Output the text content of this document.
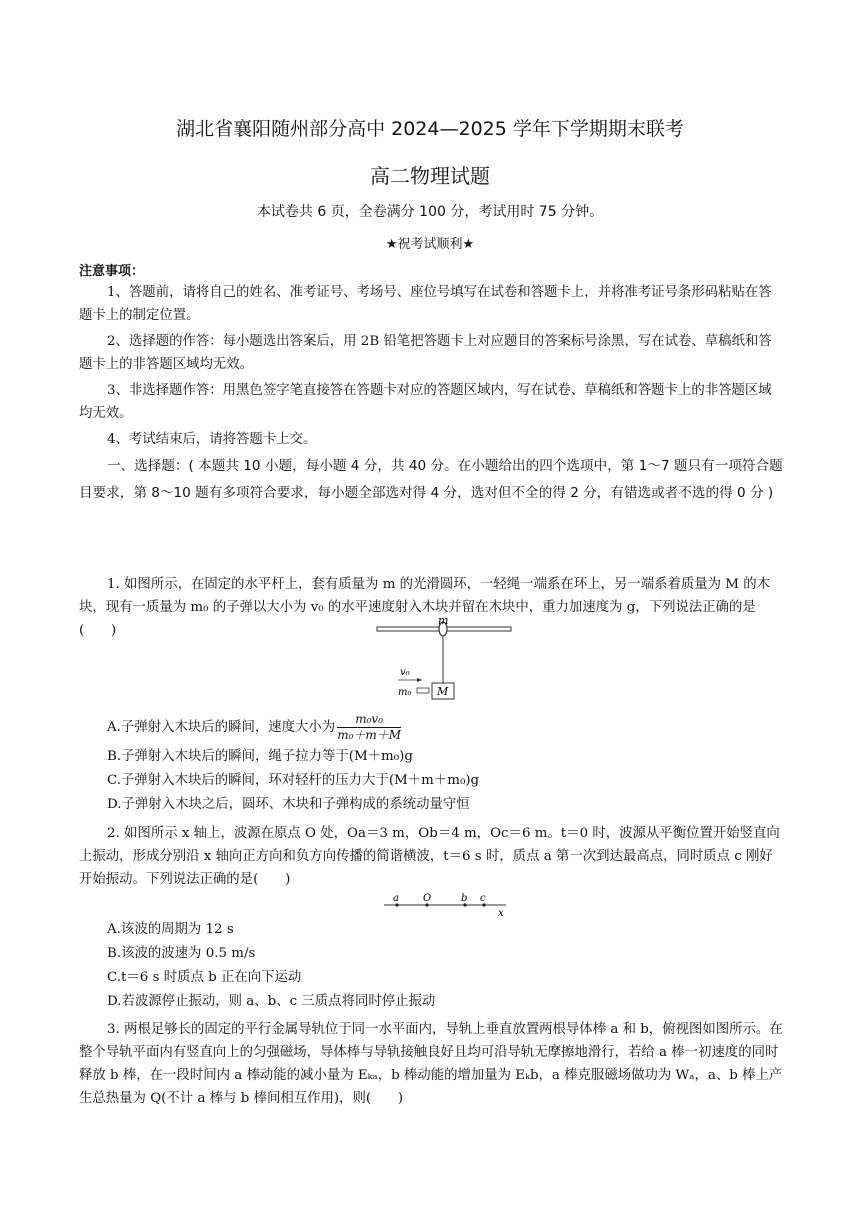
湖北省襄阳随州部分高中 2024—2025 学年下学期期末联考
高二物理试题
本试卷共 6 页，全卷满分 100 分，考试用时 75 分钟。
★祝考试顺利★
注意事项：
1、答题前，请将自己的姓名、准考证号、考场号、座位号填写在试卷和答题卡上，并将准考证号条形码粘贴在答题卡上的制定位置。
2、选择题的作答：每小题选出答案后，用 2B 铅笔把答题卡上对应题目的答案标号涂黑，写在试卷、草稿纸和答题卡上的非答题区域均无效。
3、非选择题作答：用黑色签字笔直接答在答题卡对应的答题区域内，写在试卷、草稿纸和答题卡上的非答题区域均无效。
4、考试结束后，请将答题卡上交。
一、选择题：( 本题共 10 小题，每小题 4 分，共 40 分。在小题给出的四个选项中，第 1～7 题只有一项符合题目要求，第 8～10 题有多项符合要求，每小题全部选对得 4 分，选对但不全的得 2 分，有错选或者不选的得 0 分 )
1. 如图所示，在固定的水平杆上，套有质量为 m 的光滑圆环，一轻绳一端系在环上，另一端系着质量为 M 的木块，现有一质量为 m₀ 的子弹以大小为 v₀ 的水平速度射入木块并留在木块中，重力加速度为 g，下列说法正确的是(　　)
m
v₀
m₀ M
A.子弹射入木块后的瞬间，速度大小为 $\frac{\text{m₀v₀}}{\text{m₀＋m＋M}}$
B.子弹射入木块后的瞬间，绳子拉力等于(M＋m₀)g
C.子弹射入木块后的瞬间，环对轻杆的压力大于(M＋m＋m₀)g
D.子弹射入木块之后，圆环、木块和子弹构成的系统动量守恒
2. 如图所示 x 轴上，波源在原点 O 处，Oa＝3 m，Ob＝4 m，Oc＝6 m。t＝0 时，波源从平衡位置开始竖直向上振动，形成分别沿 x 轴向正方向和负方向传播的简谐横波，t＝6 s 时，质点 a 第一次到达最高点，同时质点 c 刚好开始振动。下列说法正确的是(　　)
a O	b c
x
A.该波的周期为 12 s
B.该波的波速为 0.5 m/s
C.t＝6 s 时质点 b 正在向下运动
D.若波源停止振动，则 a、b、c 三质点将同时停止振动
3. 两根足够长的固定的平行金属导轨位于同一水平面内，导轨上垂直放置两根导体棒 a 和 b，俯视图如图所示。在整个导轨平面内有竖直向上的匀强磁场，导体棒与导轨接触良好且均可沿导轨无摩擦地滑行，若给 a 棒一初速度的同时释放 b 棒，在一段时间内 a 棒动能的减小量为 Eₖₐ，b 棒动能的增加量为 Eₖb，a 棒克服磁场做功为 Wₐ，a、b 棒上产生总热量为 Q(不计 a 棒与 b 棒间相互作用)，则(　　)
